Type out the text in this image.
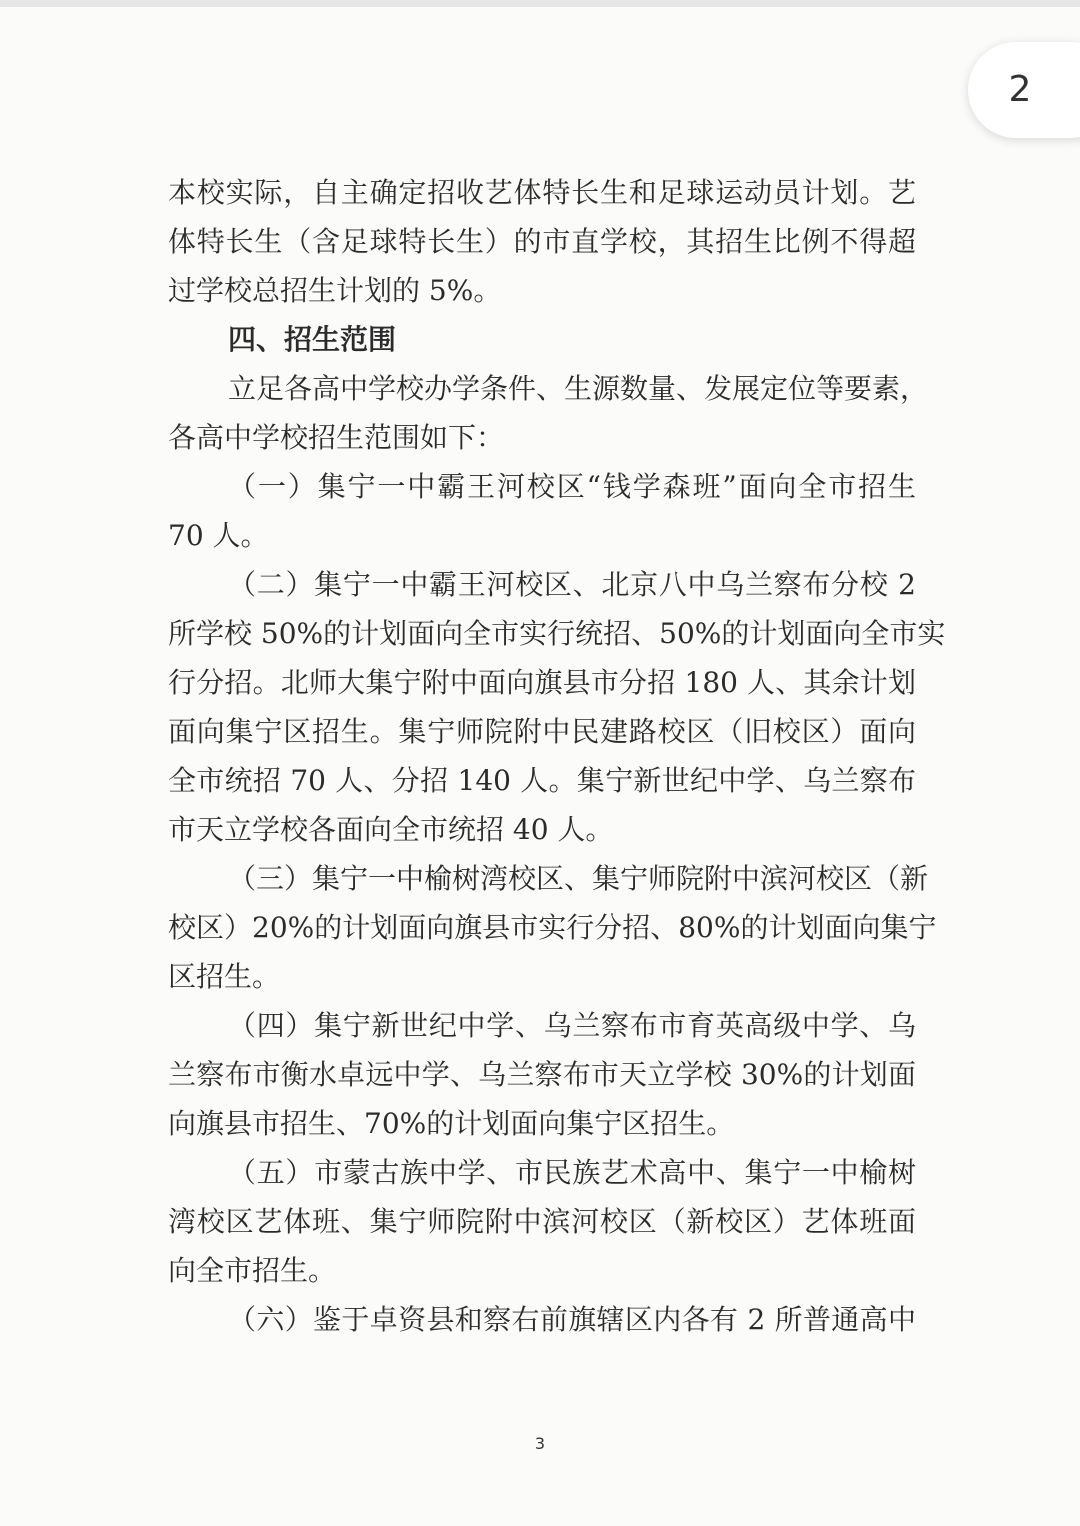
2
本校实际，自主确定招收艺体特长生和足球运动员计划。艺
体特长生（含足球特长生）的市直学校，其招生比例不得超
过学校总招生计划的 5%。
四、招生范围
立足各高中学校办学条件、生源数量、发展定位等要素，
各高中学校招生范围如下：
（一）集宁一中霸王河校区“钱学森班”面向全市招生
70 人。
（二）集宁一中霸王河校区、北京八中乌兰察布分校 2
所学校 50%的计划面向全市实行统招、50%的计划面向全市实
行分招。北师大集宁附中面向旗县市分招 180 人、其余计划
面向集宁区招生。集宁师院附中民建路校区（旧校区）面向
全市统招 70 人、分招 140 人。集宁新世纪中学、乌兰察布
市天立学校各面向全市统招 40 人。
（三）集宁一中榆树湾校区、集宁师院附中滨河校区（新
校区）20%的计划面向旗县市实行分招、80%的计划面向集宁
区招生。
（四）集宁新世纪中学、乌兰察布市育英高级中学、乌
兰察布市衡水卓远中学、乌兰察布市天立学校 30%的计划面
向旗县市招生、70%的计划面向集宁区招生。
（五）市蒙古族中学、市民族艺术高中、集宁一中榆树
湾校区艺体班、集宁师院附中滨河校区（新校区）艺体班面
向全市招生。
（六）鉴于卓资县和察右前旗辖区内各有 2 所普通高中
3
